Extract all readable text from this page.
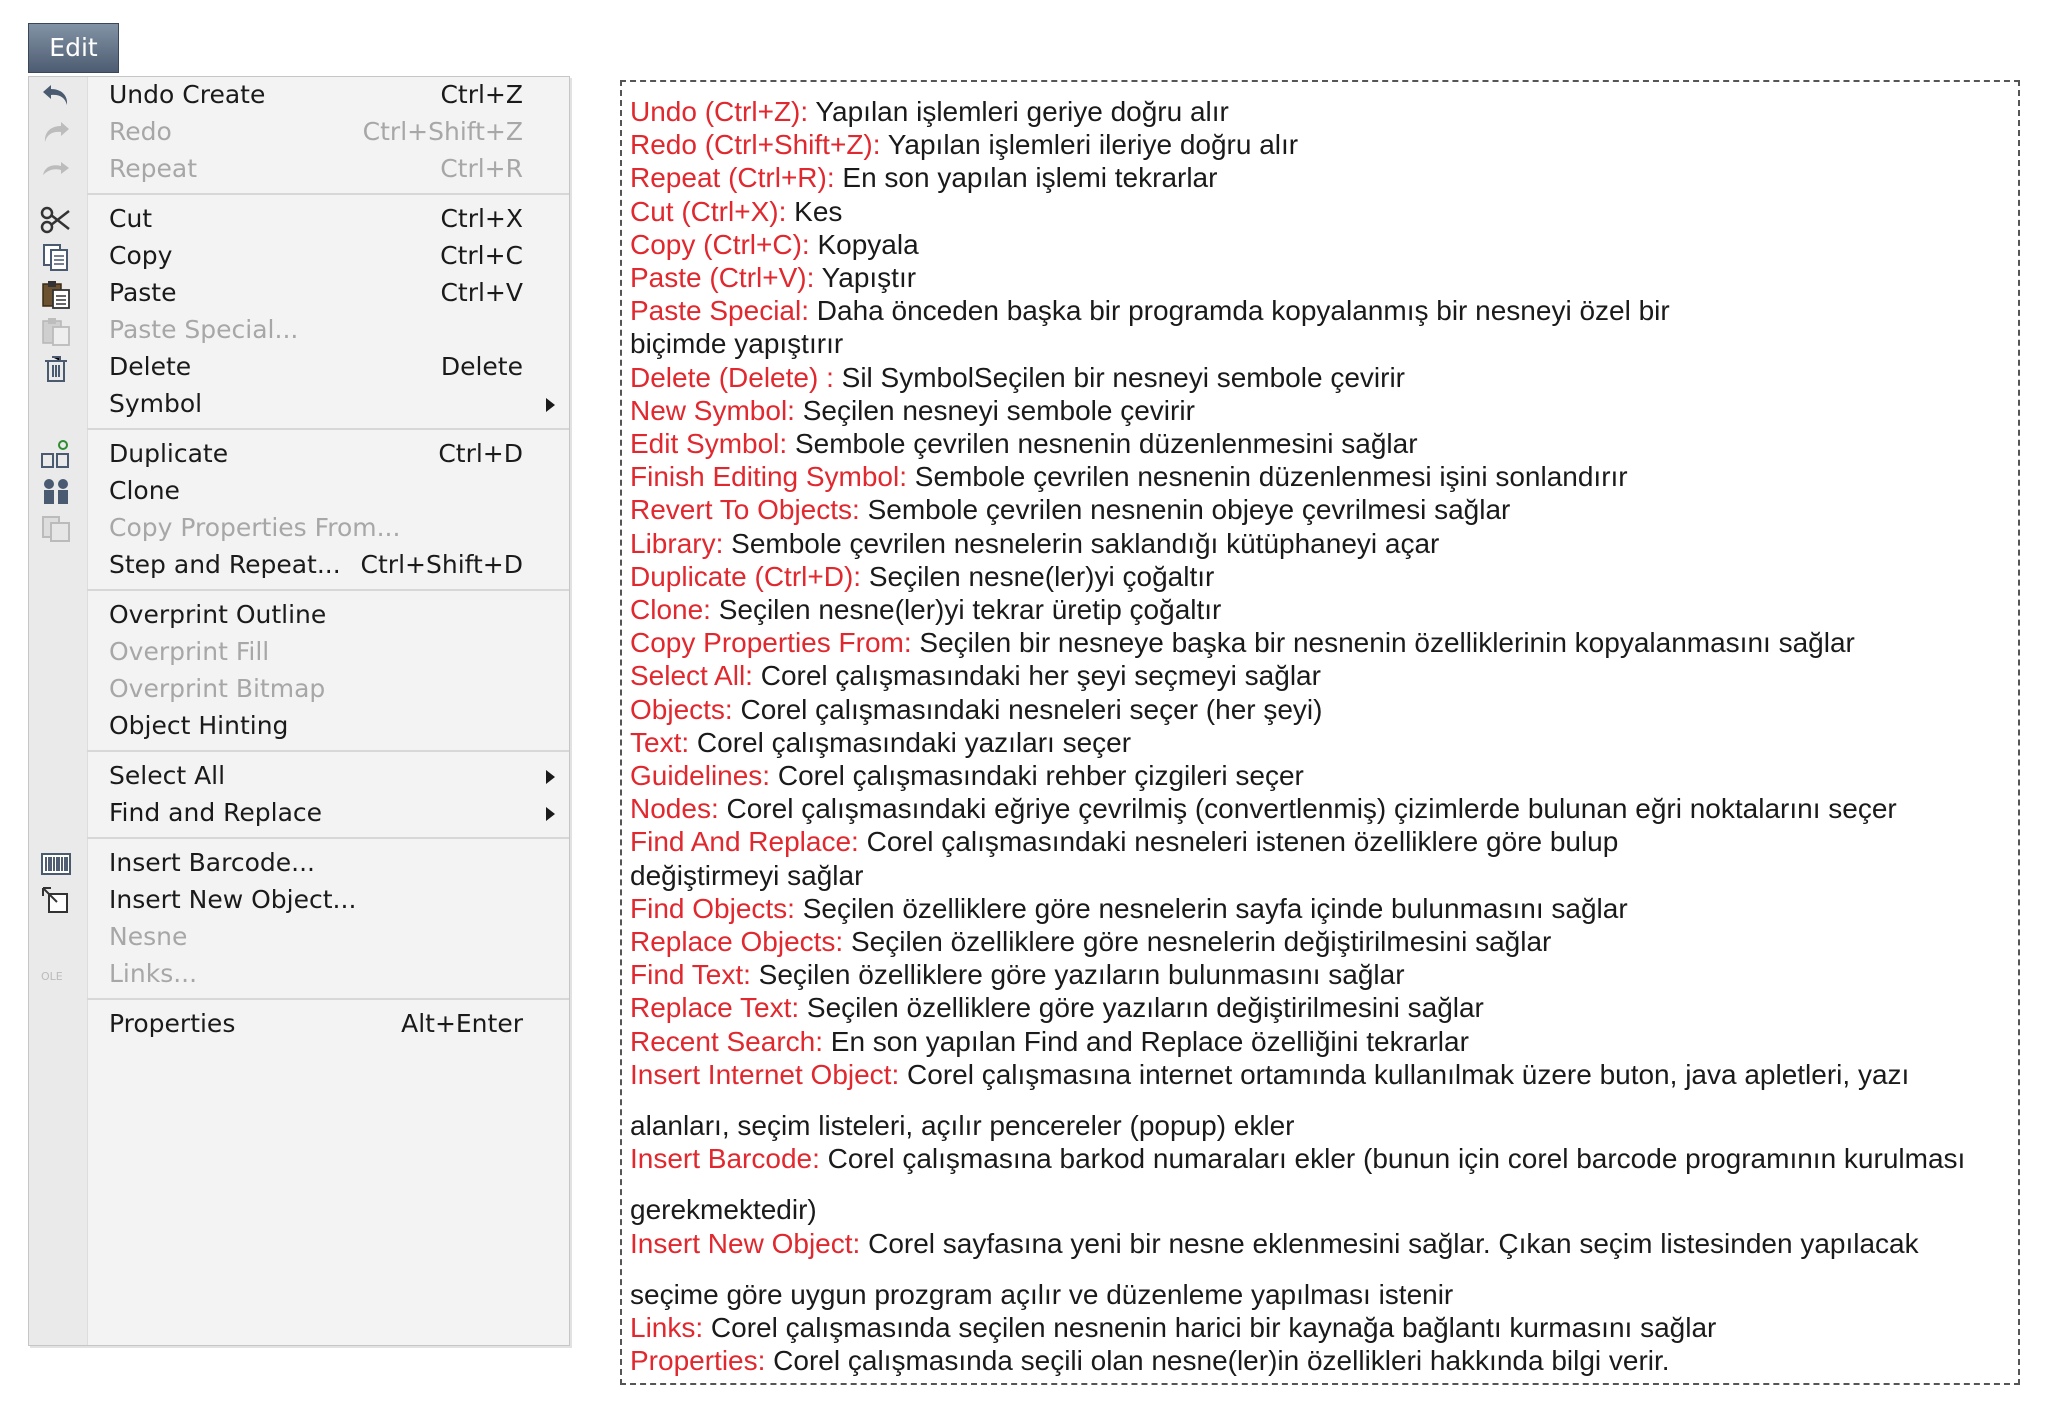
Edit
Undo Create	Ctrl+Z
Redo	Ctrl+Shift+Z
Repeat	Ctrl+R
Cut	Ctrl+X
Copy	Ctrl+C
Paste	Ctrl+V
Paste Special...
Delete	Delete
Symbol
Duplicate	Ctrl+D
Clone
Copy Properties From...
Step and Repeat... Ctrl+Shift+D
Overprint Outline
Overprint Fill
Overprint Bitmap
Object Hinting
Select All
Find and Replace
Insert Barcode...
Insert New Object...
Nesne
OLE Links...
Properties	Alt+Enter
Undo (Ctrl+Z): Yapılan işlemleri geriye doğru alır
Redo (Ctrl+Shift+Z): Yapılan işlemleri ileriye doğru alır
Repeat (Ctrl+R): En son yapılan işlemi tekrarlar
Cut (Ctrl+X): Kes
Copy (Ctrl+C): Kopyala
Paste (Ctrl+V): Yapıştır
Paste Special: Daha önceden başka bir programda kopyalanmış bir nesneyi özel bir
biçimde yapıştırır
Delete (Delete) : Sil SymbolSeçilen bir nesneyi sembole çevirir
New Symbol: Seçilen nesneyi sembole çevirir
Edit Symbol: Sembole çevrilen nesnenin düzenlenmesini sağlar
Finish Editing Symbol: Sembole çevrilen nesnenin düzenlenmesi işini sonlandırır
Revert To Objects: Sembole çevrilen nesnenin objeye çevrilmesi sağlar
Library: Sembole çevrilen nesnelerin saklandığı kütüphaneyi açar
Duplicate (Ctrl+D): Seçilen nesne(ler)yi çoğaltır
Clone: Seçilen nesne(ler)yi tekrar üretip çoğaltır
Copy Properties From: Seçilen bir nesneye başka bir nesnenin özelliklerinin kopyalanmasını sağlar
Select All: Corel çalışmasındaki her şeyi seçmeyi sağlar
Objects: Corel çalışmasındaki nesneleri seçer (her şeyi)
Text: Corel çalışmasındaki yazıları seçer
Guidelines: Corel çalışmasındaki rehber çizgileri seçer
Nodes: Corel çalışmasındaki eğriye çevrilmiş (convertlenmiş) çizimlerde bulunan eğri noktalarını seçer
Find And Replace: Corel çalışmasındaki nesneleri istenen özelliklere göre bulup
değiştirmeyi sağlar
Find Objects: Seçilen özelliklere göre nesnelerin sayfa içinde bulunmasını sağlar
Replace Objects: Seçilen özelliklere göre nesnelerin değiştirilmesini sağlar
Find Text: Seçilen özelliklere göre yazıların bulunmasını sağlar
Replace Text: Seçilen özelliklere göre yazıların değiştirilmesini sağlar
Recent Search: En son yapılan Find and Replace özelliğini tekrarlar
Insert Internet Object: Corel çalışmasına internet ortamında kullanılmak üzere buton, java apletleri, yazı
alanları, seçim listeleri, açılır pencereler (popup) ekler
Insert Barcode: Corel çalışmasına barkod numaraları ekler (bunun için corel barcode programının kurulması
gerekmektedir)
Insert New Object: Corel sayfasına yeni bir nesne eklenmesini sağlar. Çıkan seçim listesinden yapılacak
seçime göre uygun prozgram açılır ve düzenleme yapılması istenir
Links: Corel çalışmasında seçilen nesnenin harici bir kaynağa bağlantı kurmasını sağlar
Properties: Corel çalışmasında seçili olan nesne(ler)in özellikleri hakkında bilgi verir.
